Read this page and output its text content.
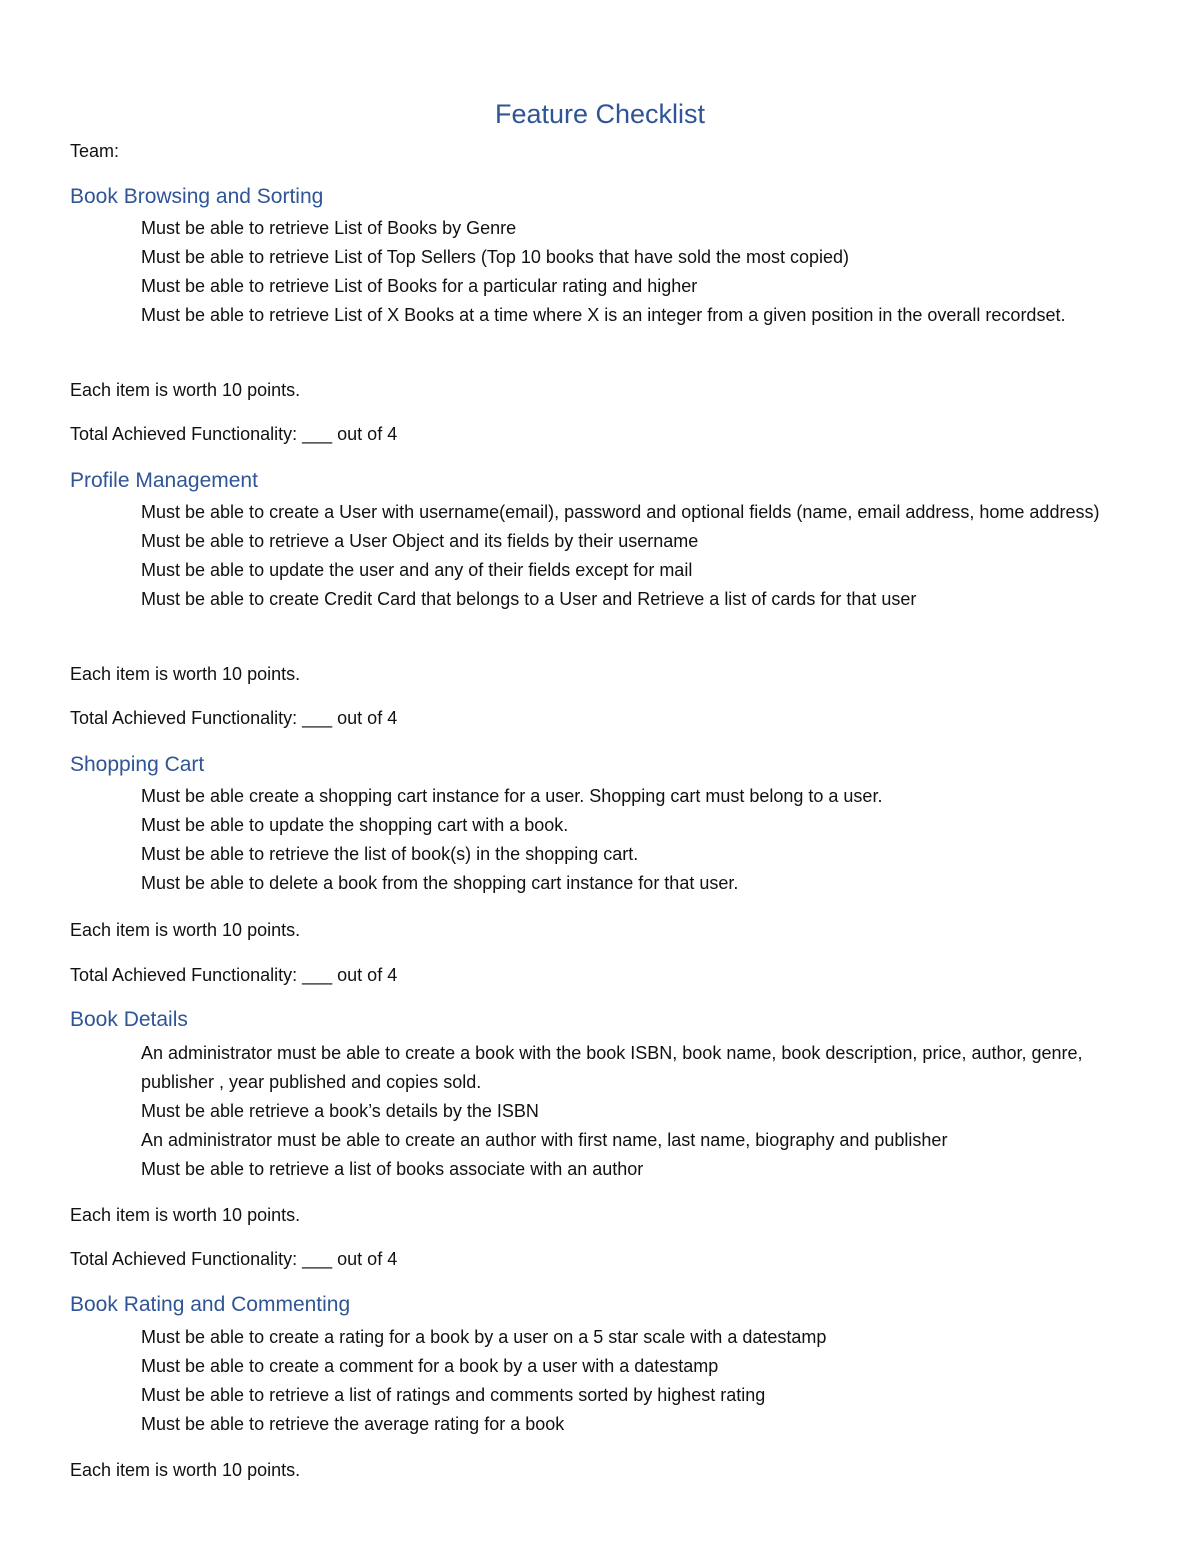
Feature Checklist

Team:

Book Browsing and Sorting
Must be able to retrieve List of Books by Genre
Must be able to retrieve List of Top Sellers (Top 10 books that have sold the most copied)
Must be able to retrieve List of Books for a particular rating and higher
Must be able to retrieve List of X Books at a time where X is an integer from a given position in the overall recordset.

Each item is worth 10 points.

Total Achieved Functionality: ___ out of 4

Profile Management
Must be able to create a User with username(email), password and optional fields (name, email address, home address)
Must be able to retrieve a User Object and its fields by their username
Must be able to update the user and any of their fields except for mail
Must be able to create Credit Card that belongs to a User and Retrieve a list of cards for that user

Each item is worth 10 points.

Total Achieved Functionality: ___ out of 4

Shopping Cart
Must be able create a shopping cart instance for a user. Shopping cart must belong to a user.
Must be able to update the shopping cart with a book.
Must be able to retrieve the list of book(s) in the shopping cart.
Must be able to delete a book from the shopping cart instance for that user.

Each item is worth 10 points.

Total Achieved Functionality: ___ out of 4

Book Details
An administrator must be able to create a book with the book ISBN, book name, book description, price, author, genre, publisher , year published and copies sold.
Must be able retrieve a book’s details by the ISBN
An administrator must be able to create an author with first name, last name, biography and publisher
Must be able to retrieve a list of books associate with an author

Each item is worth 10 points.

Total Achieved Functionality: ___ out of 4

Book Rating and Commenting
Must be able to create a rating for a book by a user on a 5 star scale with a datestamp
Must be able to create a comment for a book by a user with a datestamp
Must be able to retrieve a list of ratings and comments sorted by highest rating
Must be able to retrieve the average rating for a book

Each item is worth 10 points.
